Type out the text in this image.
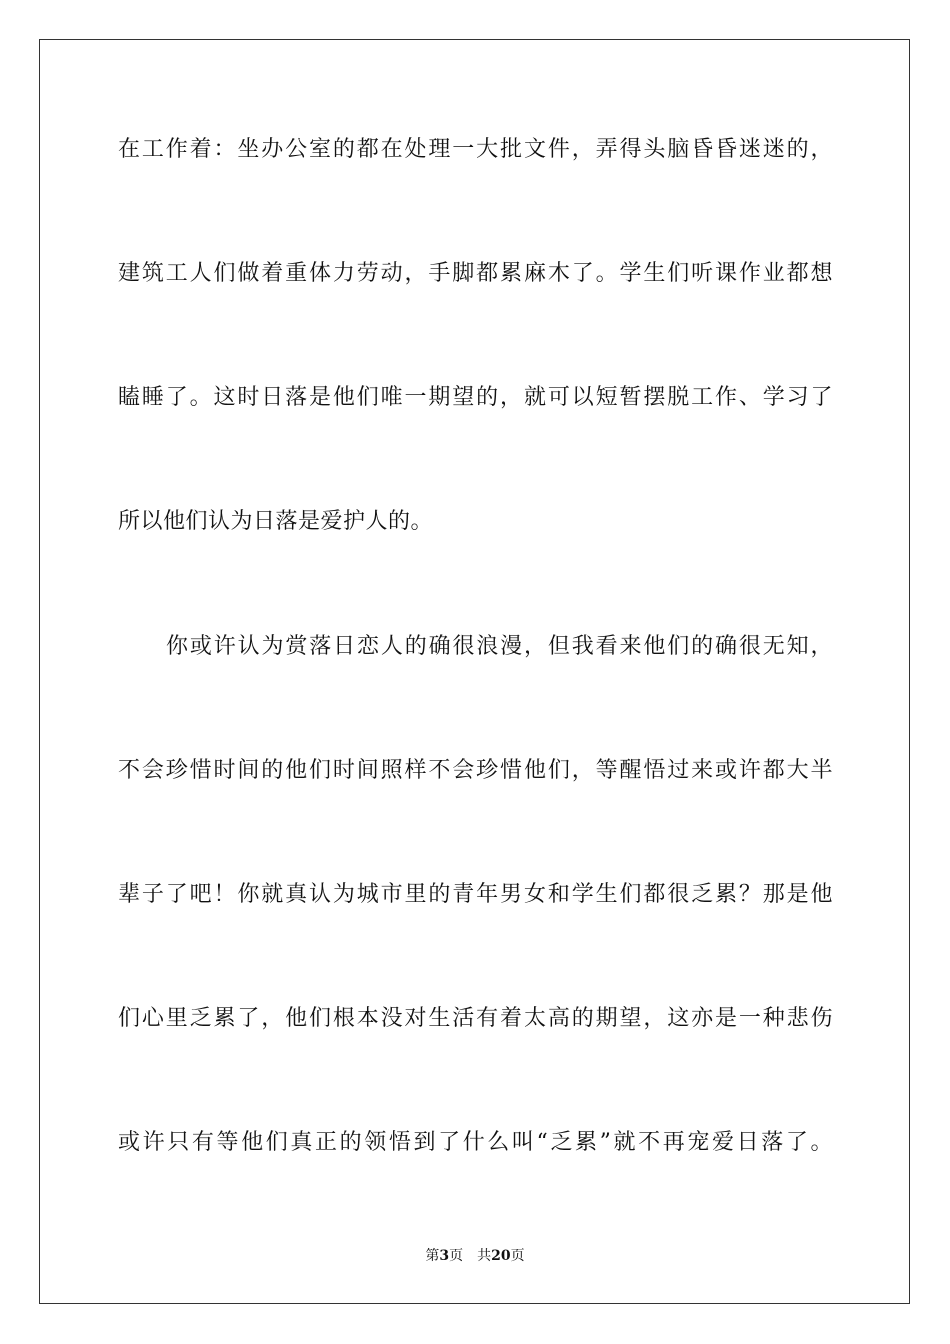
在工作着：坐办公室的都在处理一大批文件，弄得头脑昏昏迷迷的，
建筑工人们做着重体力劳动，手脚都累麻木了。学生们听课作业都想
瞌睡了。这时日落是他们唯一期望的，就可以短暂摆脱工作、学习了
所以他们认为日落是爱护人的。
你或许认为赏落日恋人的确很浪漫，但我看来他们的确很无知，
不会珍惜时间的他们时间照样不会珍惜他们，等醒悟过来或许都大半
辈子了吧！你就真认为城市里的青年男女和学生们都很乏累？那是他
们心里乏累了，他们根本没对生活有着太高的期望，这亦是一种悲伤
或许只有等他们真正的领悟到了什么叫“乏累”就不再宠爱日落了。
第3页 共20页
